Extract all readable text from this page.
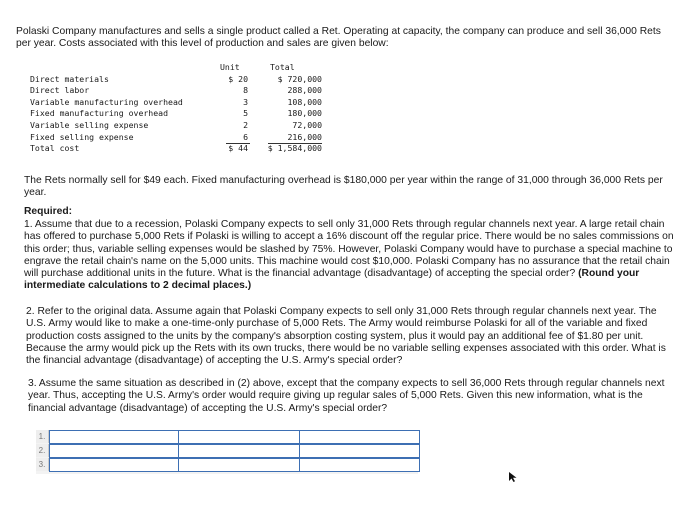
Polaski Company manufactures and sells a single product called a Ret. Operating at capacity, the company can produce and sell 36,000 Rets per year. Costs associated with this level of production and sales are given below:

Unit	Total
Direct materials	$ 20	$ 720,000
Direct labor	8	288,000
Variable manufacturing overhead	3	108,000
Fixed manufacturing overhead	5	180,000
Variable selling expense	2	72,000
Fixed selling expense	6	216,000
Total cost	$ 44	$ 1,584,000

The Rets normally sell for $49 each. Fixed manufacturing overhead is $180,000 per year within the range of 31,000 through 36,000 Rets per year.

Required:

1. Assume that due to a recession, Polaski Company expects to sell only 31,000 Rets through regular channels next year. A large retail chain has offered to purchase 5,000 Rets if Polaski is willing to accept a 16% discount off the regular price. There would be no sales commissions on this order; thus, variable selling expenses would be slashed by 75%. However, Polaski Company would have to purchase a special machine to engrave the retail chain's name on the 5,000 units. This machine would cost $10,000. Polaski Company has no assurance that the retail chain will purchase additional units in the future. What is the financial advantage (disadvantage) of accepting the special order? (Round your intermediate calculations to 2 decimal places.)

2. Refer to the original data. Assume again that Polaski Company expects to sell only 31,000 Rets through regular channels next year. The U.S. Army would like to make a one-time-only purchase of 5,000 Rets. The Army would reimburse Polaski for all of the variable and fixed production costs assigned to the units by the company's absorption costing system, plus it would pay an additional fee of $1.80 per unit. Because the army would pick up the Rets with its own trucks, there would be no variable selling expenses associated with this order. What is the financial advantage (disadvantage) of accepting the U.S. Army's special order?

3. Assume the same situation as described in (2) above, except that the company expects to sell 36,000 Rets through regular channels next year. Thus, accepting the U.S. Army's order would require giving up regular sales of 5,000 Rets. Given this new information, what is the financial advantage (disadvantage) of accepting the U.S. Army's special order?

1.
2.
3.
